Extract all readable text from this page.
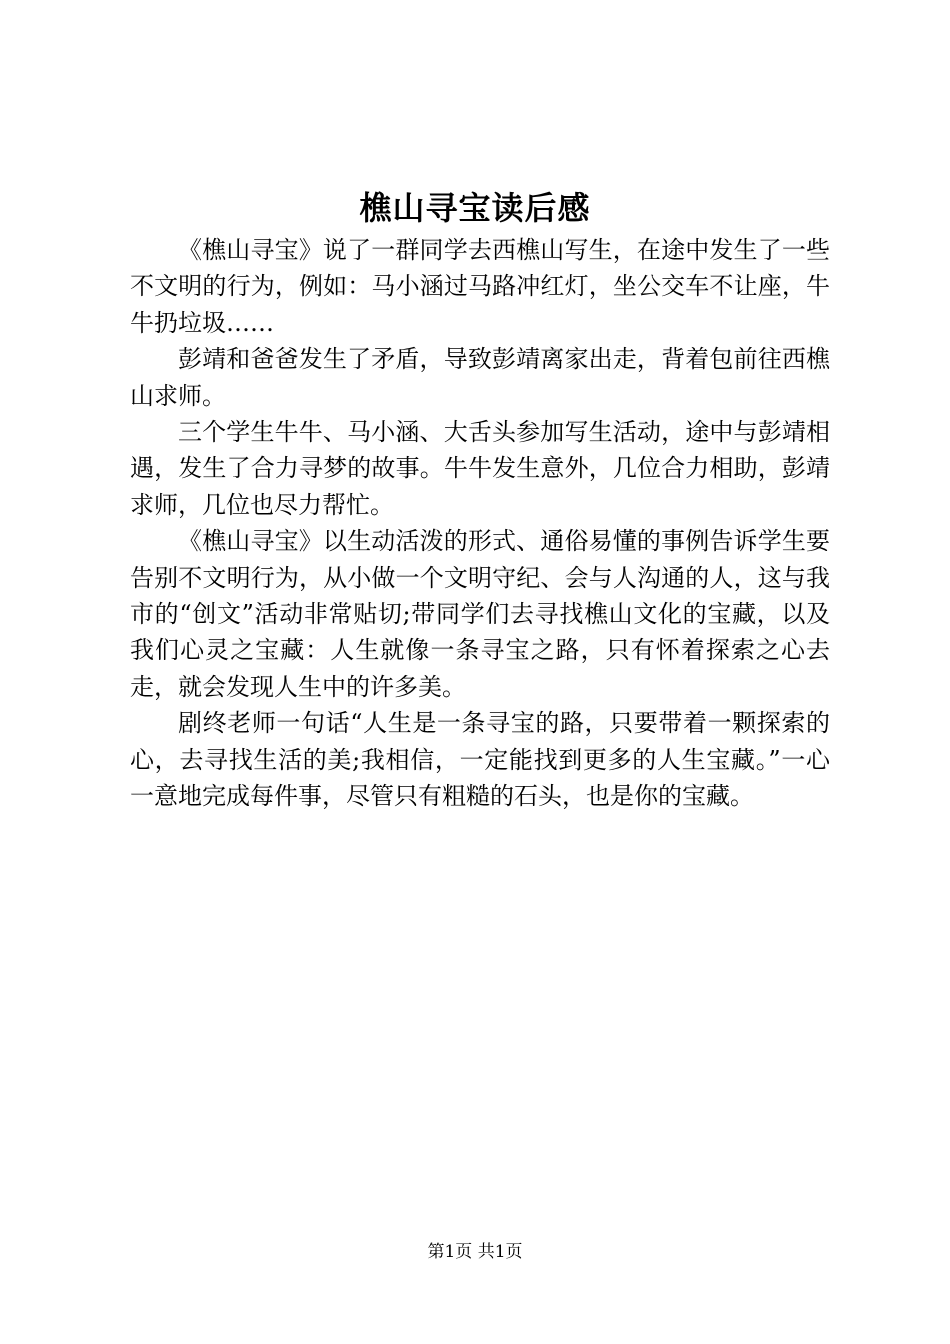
樵山寻宝读后感

《樵山寻宝》说了一群同学去西樵山写生，在途中发生了一些不文明的行为，例如：马小涵过马路冲红灯，坐公交车不让座，牛牛扔垃圾……

彭靖和爸爸发生了矛盾，导致彭靖离家出走，背着包前往西樵山求师。

三个学生牛牛、马小涵、大舌头参加写生活动，途中与彭靖相遇，发生了合力寻梦的故事。牛牛发生意外，几位合力相助，彭靖求师，几位也尽力帮忙。

《樵山寻宝》以生动活泼的形式、通俗易懂的事例告诉学生要告别不文明行为，从小做一个文明守纪、会与人沟通的人，这与我市的“创文”活动非常贴切;带同学们去寻找樵山文化的宝藏，以及我们心灵之宝藏：人生就像一条寻宝之路，只有怀着探索之心去走，就会发现人生中的许多美。

剧终老师一句话“人生是一条寻宝的路，只要带着一颗探索的心，去寻找生活的美;我相信，一定能找到更多的人生宝藏。”一心一意地完成每件事，尽管只有粗糙的石头，也是你的宝藏。

第1页 共1页
